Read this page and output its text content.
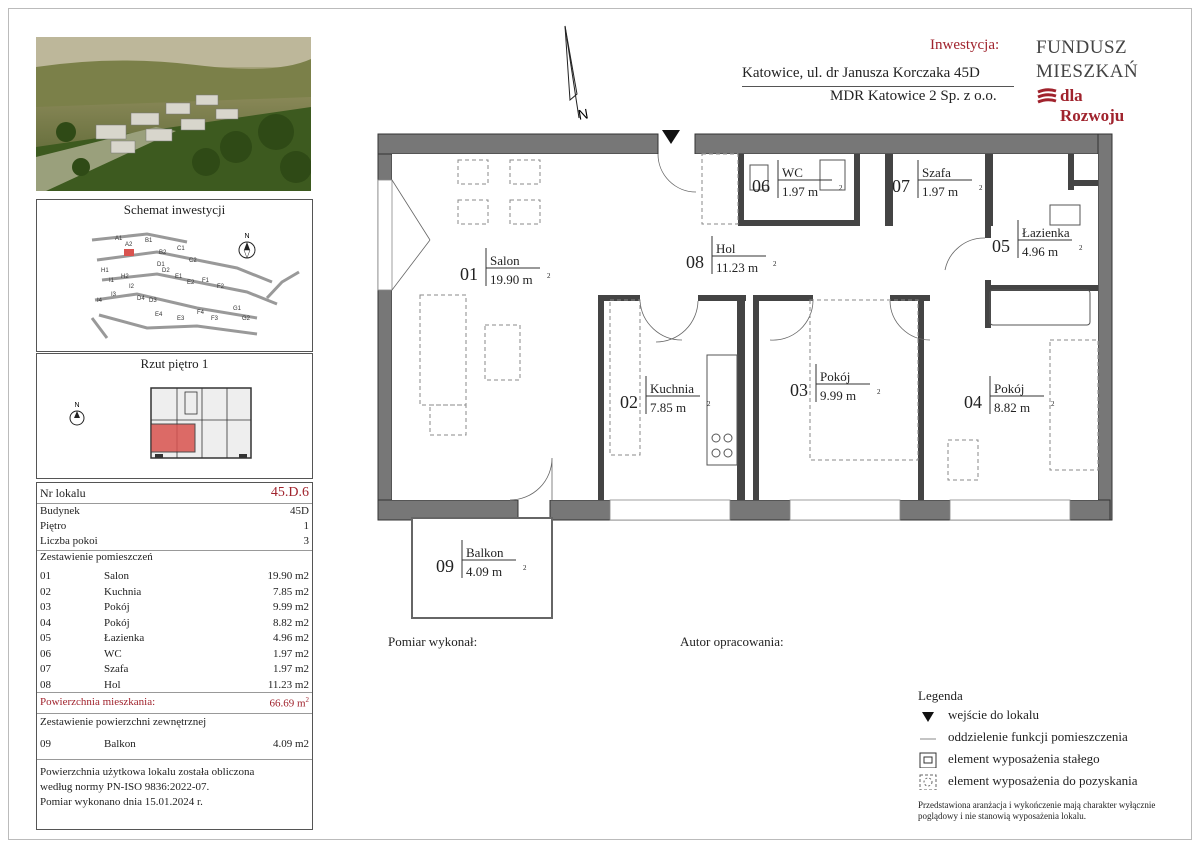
Schemat inwestycji
A1
A2
B1
B2
C1
C2
D1
D2
E1
E2 F1
F2
G1
G2
H1
H2
I1
I2
I3
I4	D4 D3
E4
E3
F4
F3
N
Rzut piętro 1
N
Nr lokalu	45.D.6
Budynek	45D
Piętro	1
Liczba pokoi	3
Zestawienie pomieszczeń
01	Salon	19.90 m2
02	Kuchnia	7.85 m2
03	Pokój	9.99 m2
04	Pokój	8.82 m2
05	Łazienka	4.96 m2
06	WC	1.97 m2
07	Szafa	1.97 m2
08	Hol	11.23 m2
Powierzchnia mieszkania:	66.69 $m^2$
Zestawienie powierzchni zewnętrznej
09	Balkon	4.09 m2
Powierzchnia użytkowa lokalu została obliczona
według normy PN-ISO 9836:2022-07.
Pomiar wykonano dnia 15.01.2024 r.
N
Inwestycja:
Katowice, ul. dr Janusza Korczaka 45D
MDR Katowice 2 Sp. z o.o.
FUNDUSZ
MIESZKAŃ
dla Rozwoju
01
Salon
19.90 m 2
02
Kuchnia
7.85 m	2
03
Pokój
9.99 m	2	04
Pokój
8.82 m	2
05
Łazienka
4.96 m	2
06
WC
1.97 m	2	07
Szafa
1.97 m	2
08
Hol
11.23 m 2
09
Balkon
4.09 m	2
Pomiar wykonał:	Autor opracowania:
Legenda
wejście do lokalu
oddzielenie funkcji pomieszczenia
element wyposażenia stałego
element wyposażenia do pozyskania
Przedstawiona aranżacja i wykończenie mają charakter wyłącznie
poglądowy i nie stanowią wyposażenia lokalu.
